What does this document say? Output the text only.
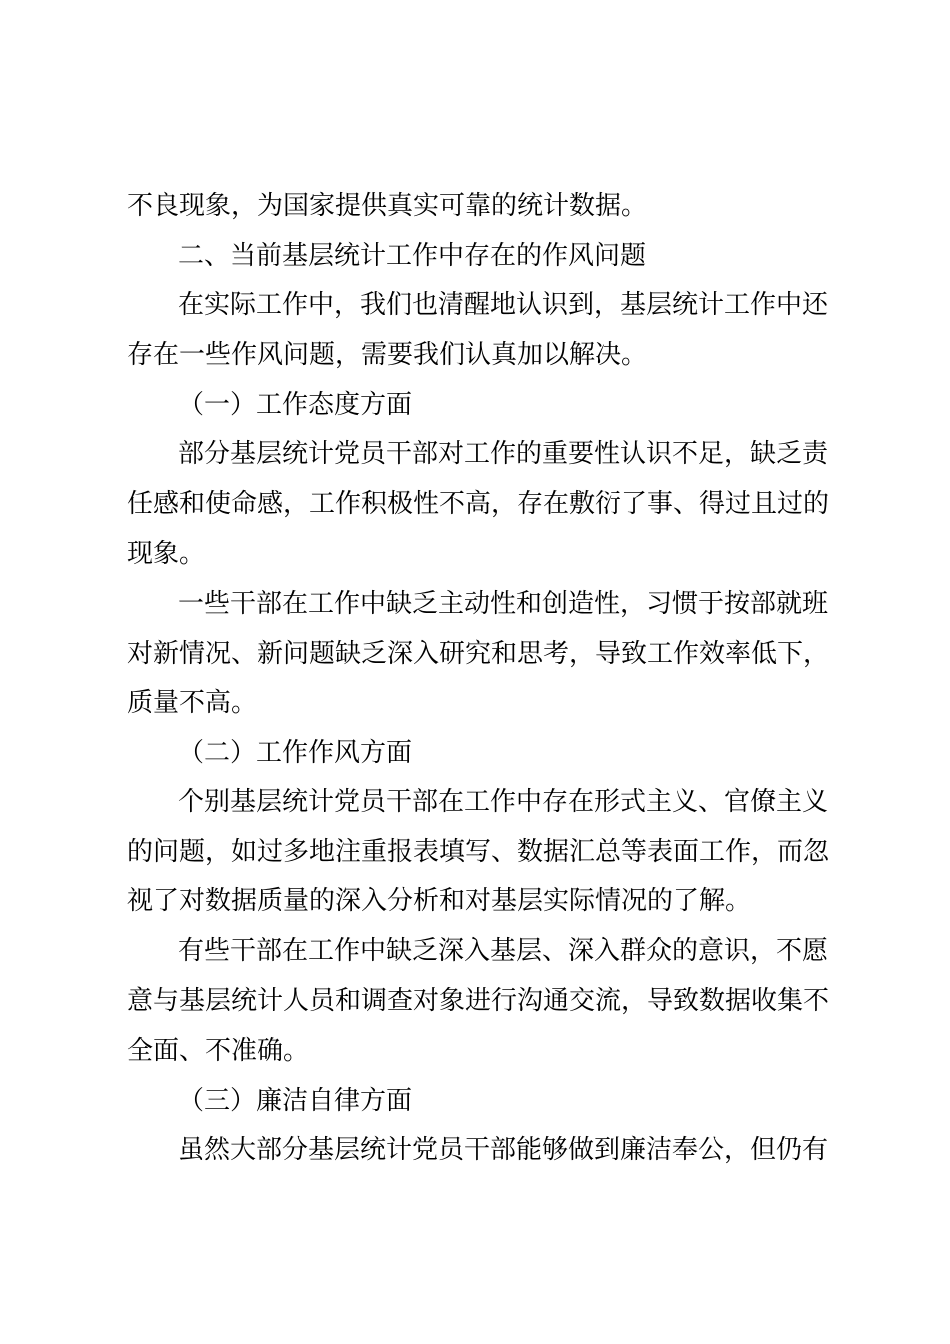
不良现象，为国家提供真实可靠的统计数据。
二、当前基层统计工作中存在的作风问题
在实际工作中，我们也清醒地认识到，基层统计工作中还
存在一些作风问题，需要我们认真加以解决。
（一）工作态度方面
部分基层统计党员干部对工作的重要性认识不足，缺乏责
任感和使命感，工作积极性不高，存在敷衍了事、得过且过的
现象。
一些干部在工作中缺乏主动性和创造性，习惯于按部就班
对新情况、新问题缺乏深入研究和思考，导致工作效率低下，
质量不高。
（二）工作作风方面
个别基层统计党员干部在工作中存在形式主义、官僚主义
的问题，如过多地注重报表填写、数据汇总等表面工作，而忽
视了对数据质量的深入分析和对基层实际情况的了解。
有些干部在工作中缺乏深入基层、深入群众的意识，不愿
意与基层统计人员和调查对象进行沟通交流，导致数据收集不
全面、不准确。
（三）廉洁自律方面
虽然大部分基层统计党员干部能够做到廉洁奉公，但仍有
